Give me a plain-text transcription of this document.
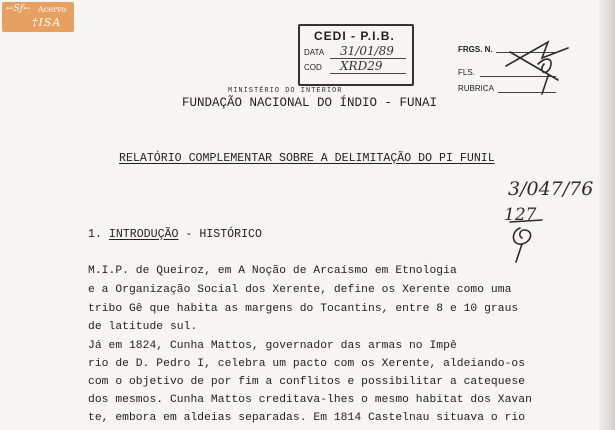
←Sƒ← Acervo
†ISA
CEDI - P.I.B.
DATA 31/01/89
COD XRD29
FRGS. N.
FLS.
RUBRICA
MINISTÉRIO DO INTERIOR
FUNDAÇÃO NACIONAL DO ÍNDIO - FUNAI
RELATÓRIO COMPLEMENTAR SOBRE A DELIMITAÇÃO DO PI FUNIL
3/047/76
127
1. INTRODUÇÃO - HISTÓRICO
M.I.P. de Queiroz, em A Noção de Arcaísmo em Etnologia
e a Organização Social dos Xerente, define os Xerente como uma
tribo Gê que habita as margens do Tocantins, entre 8 e 10 graus
de latitude sul.
Já em 1824, Cunha Mattos, governador das armas no Impê
rio de D. Pedro I, celebra um pacto com os Xerente, aldeiando-os
com o objetivo de por fim a conflitos e possibilitar a catequese
dos mesmos. Cunha Mattos creditava-lhes o mesmo habitat dos Xavan
te, embora em aldeias separadas. Em 1814 Castelnau situava o rio
